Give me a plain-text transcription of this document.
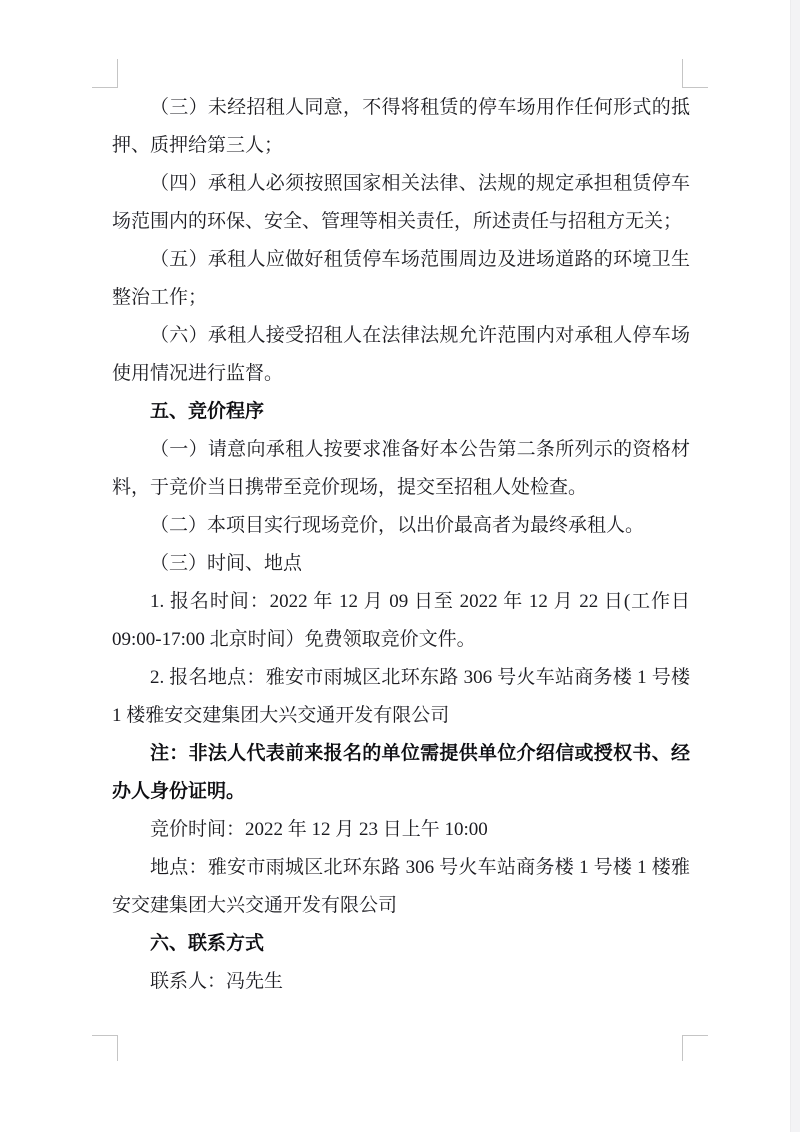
（三）未经招租人同意，不得将租赁的停车场用作任何形式的抵
押、质押给第三人；
（四）承租人必须按照国家相关法律、法规的规定承担租赁停车
场范围内的环保、安全、管理等相关责任，所述责任与招租方无关；
（五）承租人应做好租赁停车场范围周边及进场道路的环境卫生
整治工作；
（六）承租人接受招租人在法律法规允许范围内对承租人停车场
使用情况进行监督。
五、竞价程序
（一）请意向承租人按要求准备好本公告第二条所列示的资格材
料，于竞价当日携带至竞价现场，提交至招租人处检查。
（二）本项目实行现场竞价，以出价最高者为最终承租人。
（三）时间、地点
1. 报名时间：2022 年 12 月 09 日至 2022 年 12 月 22 日(工作日
09:00-17:00 北京时间）免费领取竞价文件。
2. 报名地点：雅安市雨城区北环东路 306 号火车站商务楼 1 号楼
1 楼雅安交建集团大兴交通开发有限公司
注：非法人代表前来报名的单位需提供单位介绍信或授权书、经
办人身份证明。
竞价时间：2022 年 12 月 23 日上午 10:00
地点：雅安市雨城区北环东路 306 号火车站商务楼 1 号楼 1 楼雅
安交建集团大兴交通开发有限公司
六、联系方式
联系人：冯先生
